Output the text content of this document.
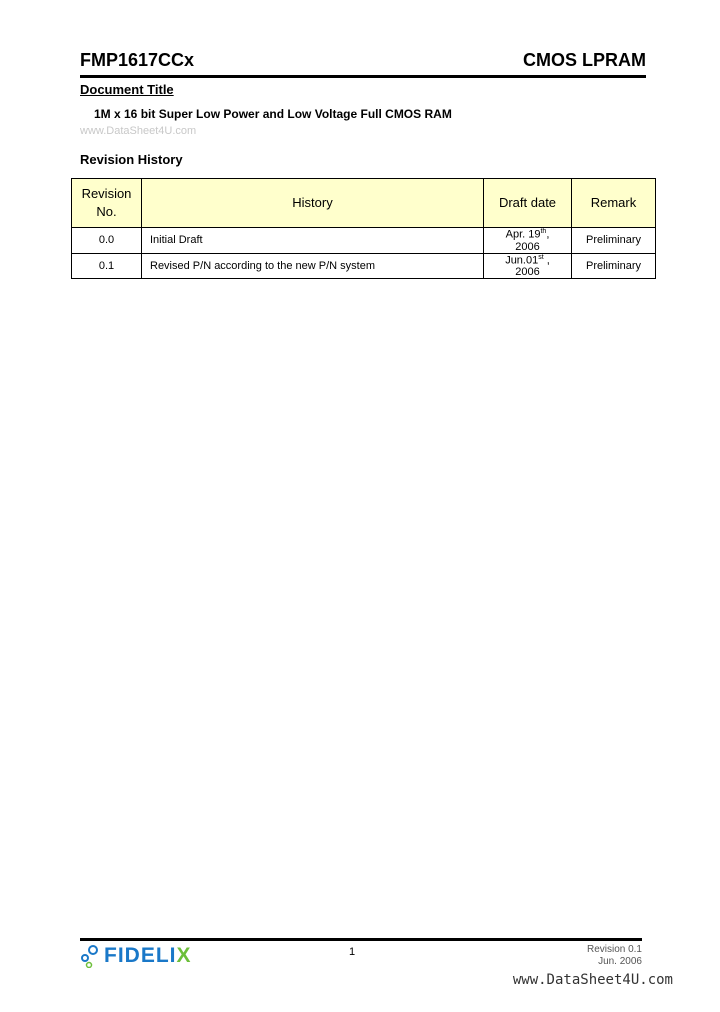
FMP1617CCx	CMOS LPRAM
Document Title
1M x 16 bit Super Low Power and Low Voltage Full CMOS RAM
www.DataSheet4U.com
Revision History
Revision No.	History	Draft date	Remark
0.0	Initial Draft	Apr. 19th, 2006	Preliminary
0.1	Revised P/N according to the new P/N system	Jun.01st , 2006	Preliminary
FIDELIX	1	Revision 0.1
Jun. 2006
www.DataSheet4U.com
